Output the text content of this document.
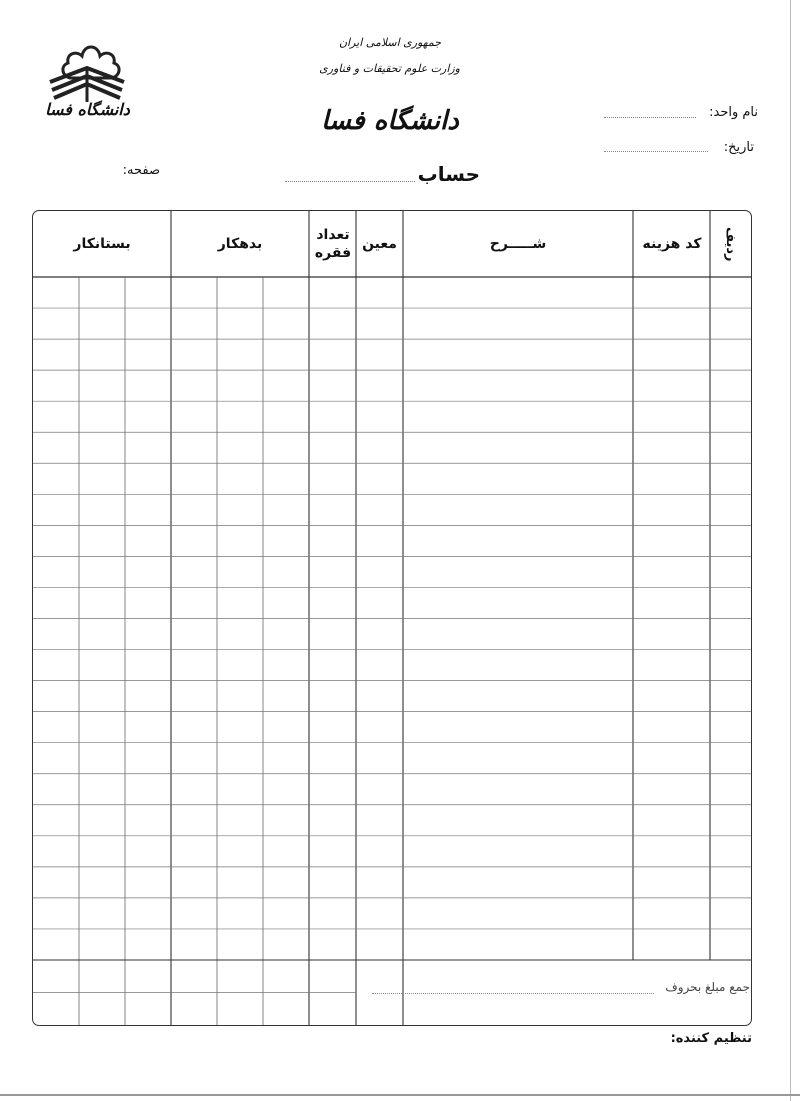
دانشگاه فسا
جمهوری اسلامی ایران
وزارت علوم تحقیقات و فناوری
دانشگاه فسا	نام واحد:
تاریخ:
صفحه:	حساب
ردیف
کد هزینه
شـــــرح
معین
تعداد فقره
بدهکار
بستانکار
جمع مبلغ بحروف
تنظیم کننده:
